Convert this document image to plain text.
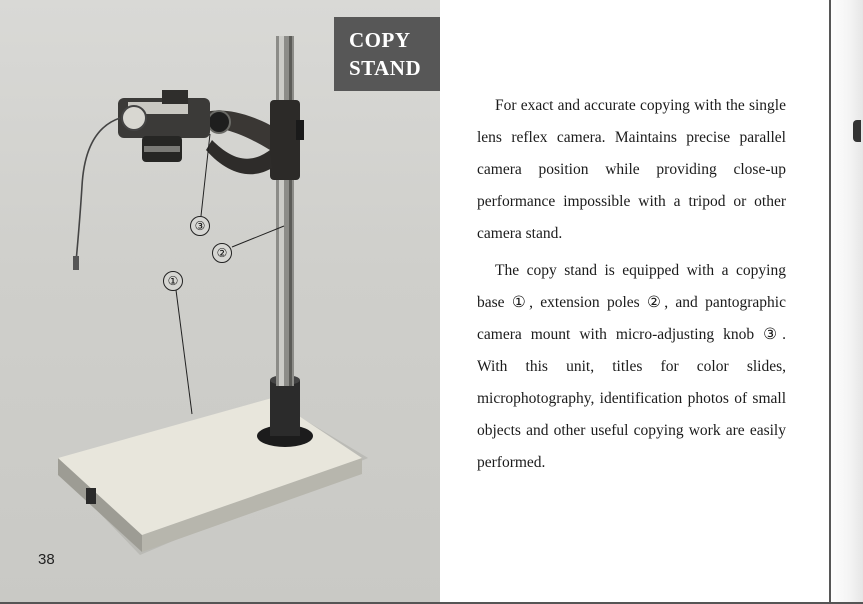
③
②
①
COPY
STAND
38

For exact and accurate copying with the single lens reflex camera. Maintains precise parallel camera position while providing close-up performance impossible with a tripod or other camera stand.

The copy stand is equipped with a copying base ①, extension poles ②, and pantographic camera mount with micro-adjusting knob ③. With this unit, titles for color slides, microphotography, identification photos of small objects and other useful copying work are easily performed.
